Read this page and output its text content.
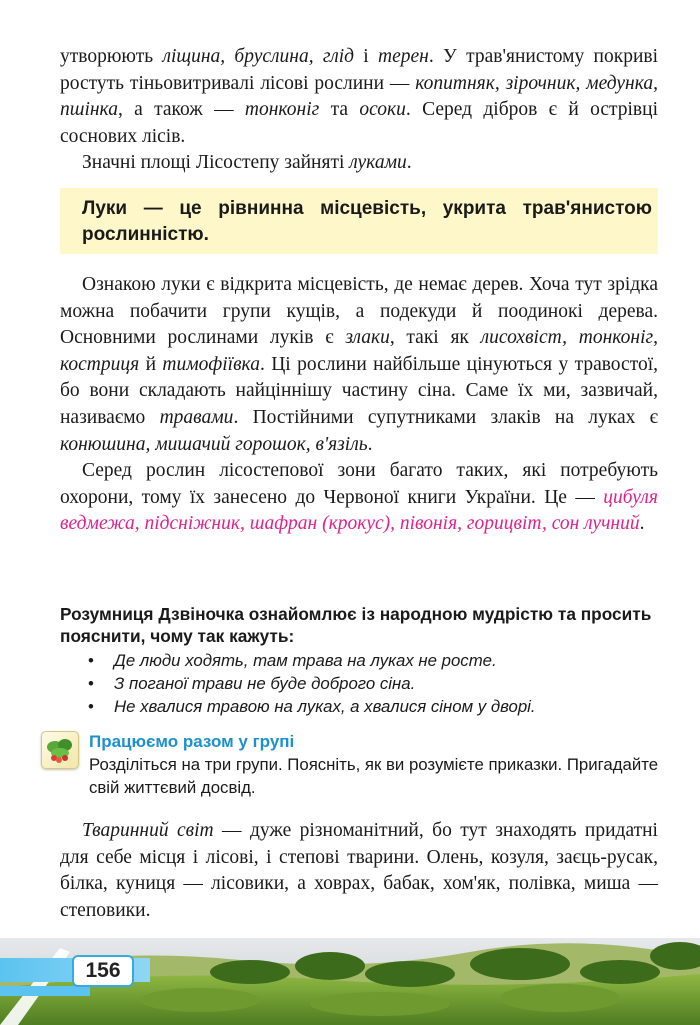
утворюють ліщина, бруслина, глід і терен. У трав'янистому покриві ростуть тіньовитривалі лісові рослини — копитняк, зірочник, медунка, пшінка, а також — тонконіг та осоки. Серед дібров є й острівці соснових лісів.

Значні площі Лісостепу зайняті луками.

Луки — це рівнинна місцевість, укрита трав'янистою рослинністю.

Ознакою луки є відкрита місцевість, де немає дерев. Хоча тут зрідка можна побачити групи кущів, а подекуди й поодинокі дерева. Основними рослинами луків є злаки, такі як лисохвіст, тонконіг, костриця й тимофіївка. Ці рослини найбільше цінуються у травостої, бо вони складають найціннішу частину сіна. Саме їх ми, зазвичай, називаємо травами. Постійними супутниками злаків на луках є конюшина, мишачий горошок, в'язіль.

Серед рослин лісостепової зони багато таких, які потребують охорони, тому їх занесено до Червоної книги України. Це — цибуля ведмежа, підсніжник, шафран (крокус), півонія, горицвіт, сон лучний.

Розумниця Дзвіночка ознайомлює із народною мудрістю та просить пояснити, чому так кажуть:
• Де люди ходять, там трава на луках не росте.
• З поганої трави не буде доброго сіна.
• Не хвалися травою на луках, а хвалися сіном у дворі.
Працюємо разом у групі
Розділіться на три групи. Поясніть, як ви розумієте приказки. Пригадайте свій життєвий досвід.

Тваринний світ — дуже різноманітний, бо тут знаходять придатні для себе місця і лісові, і степові тварини. Олень, козуля, заєць-русак, білка, куниця — лісовики, а ховрах, бабак, хом'як, полівка, миша — степовики.

156
